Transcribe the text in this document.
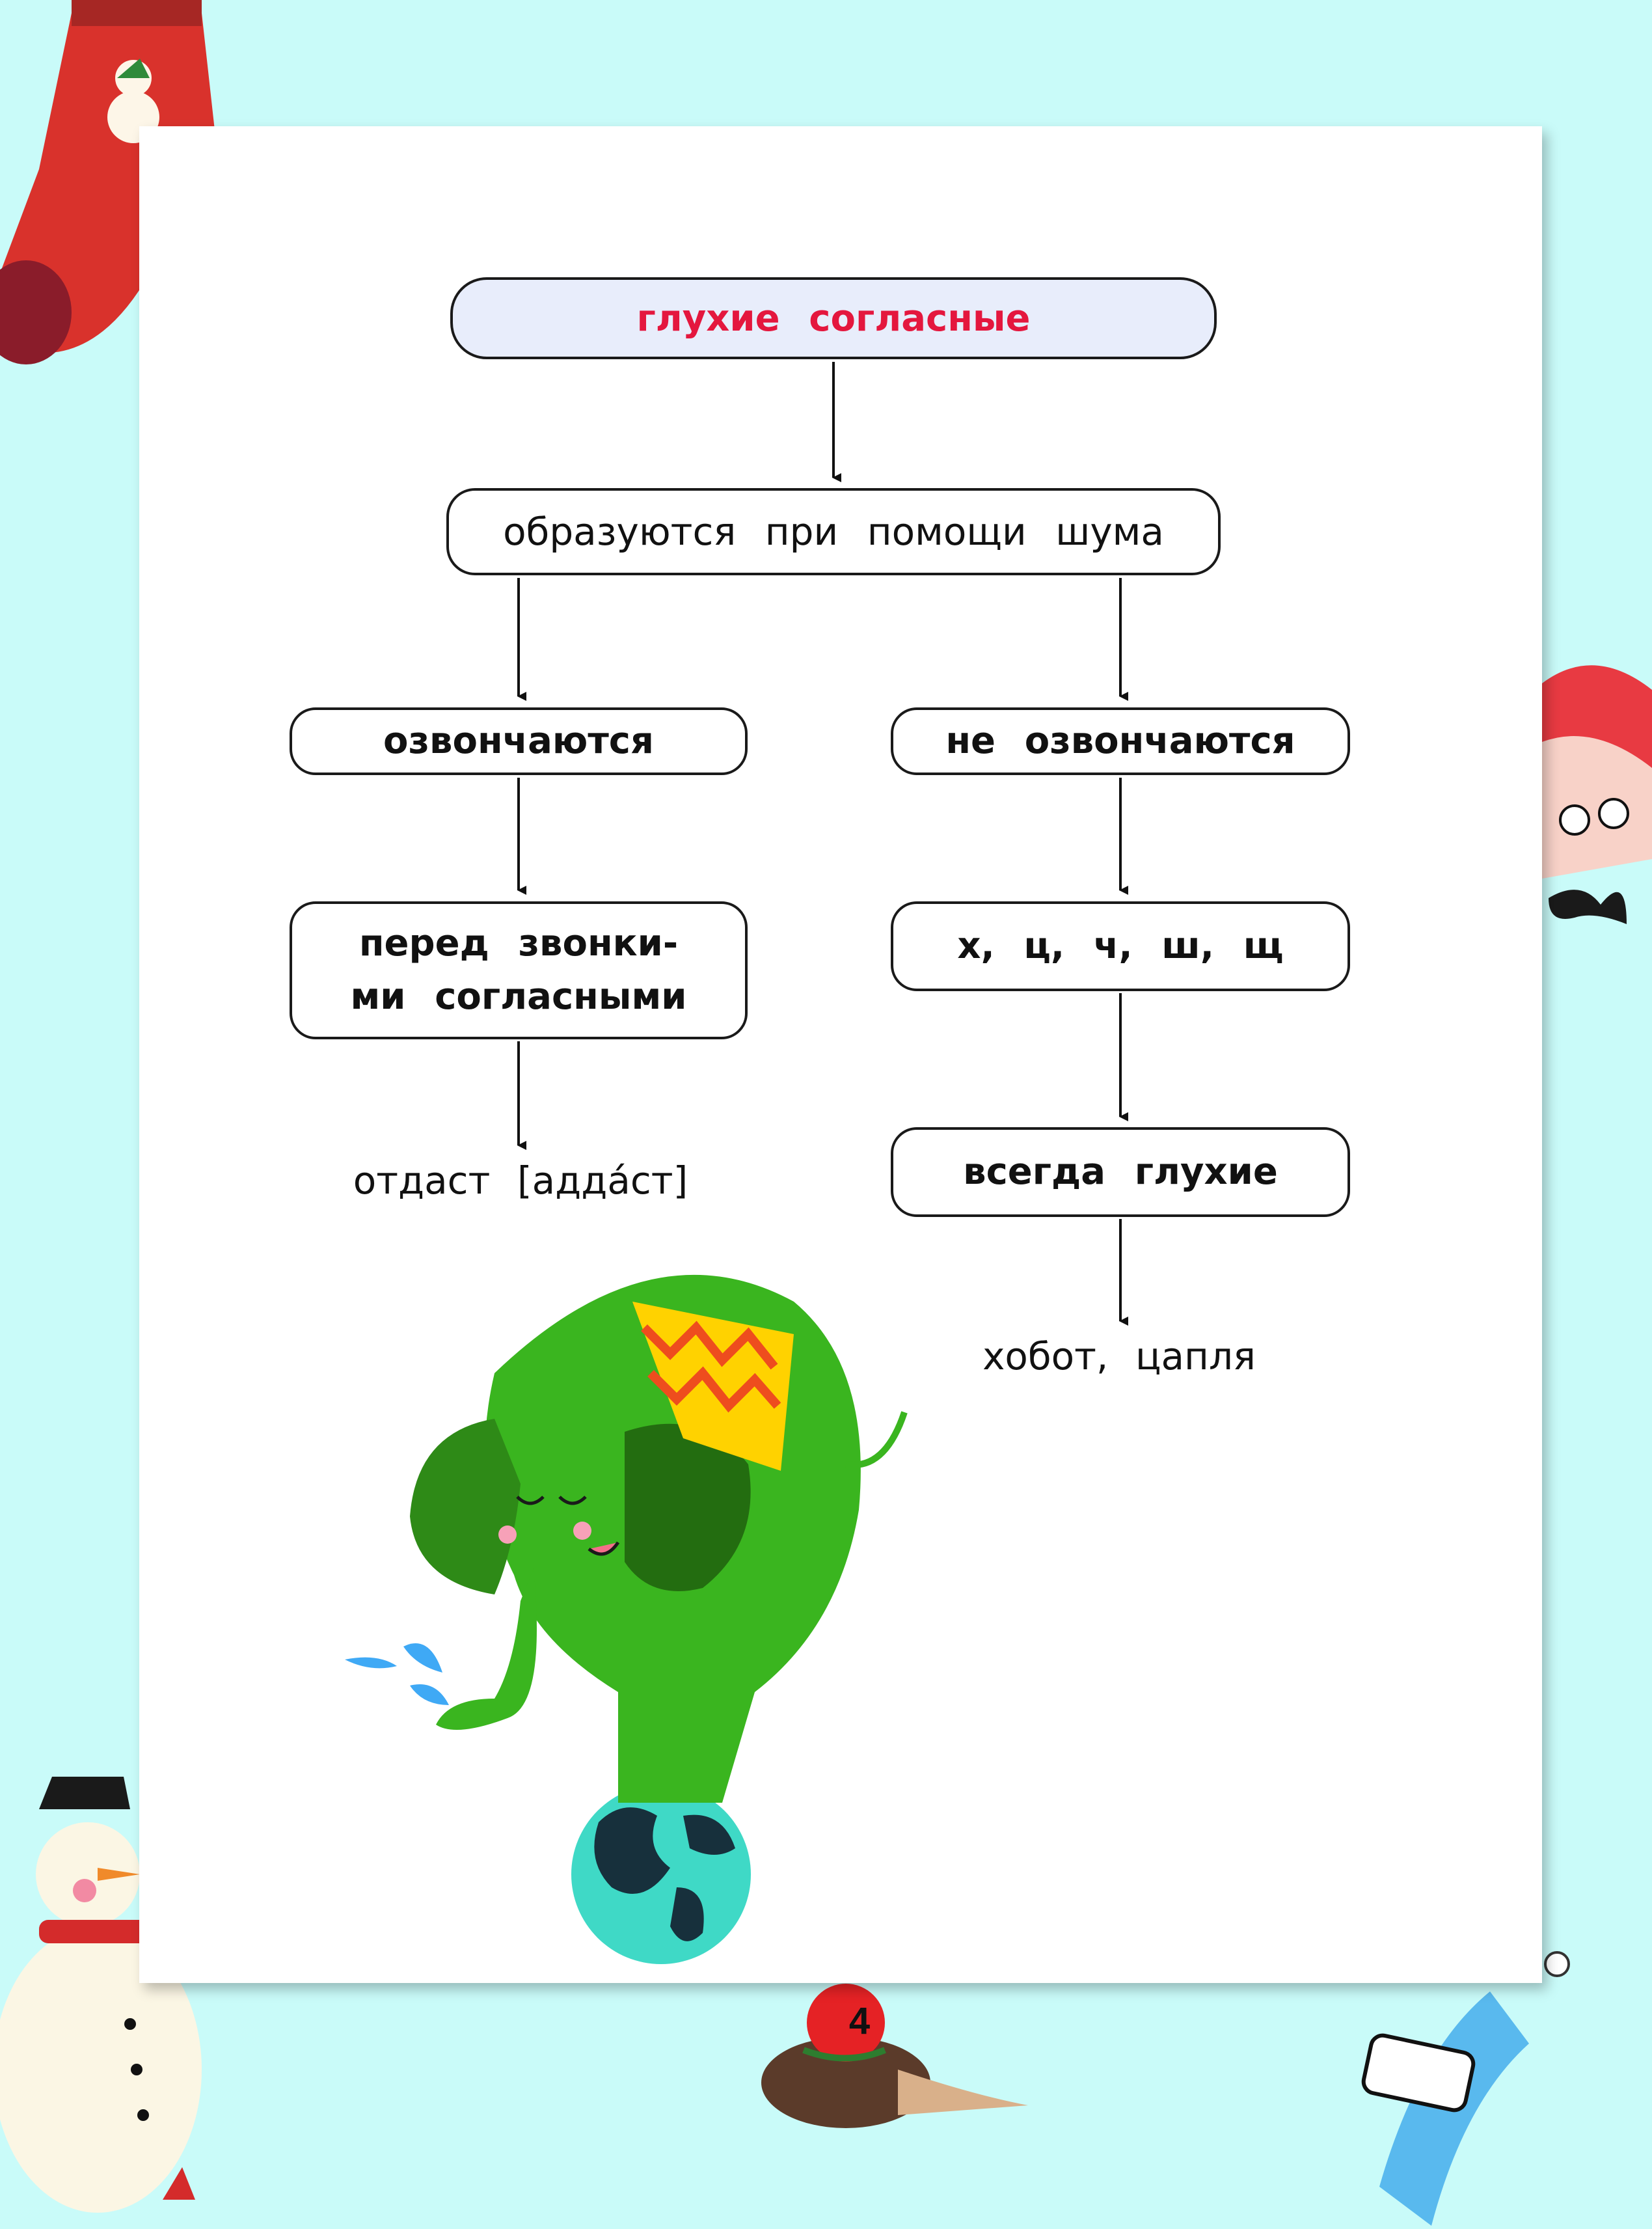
глухие согласные
образуются при помощи шума
озвончаются	не озвончаются
перед звонки-
ми согласными
х, ц, ч, ш, щ
всегда глухие
отдаст [аддáст]
хобот, цапля
4
